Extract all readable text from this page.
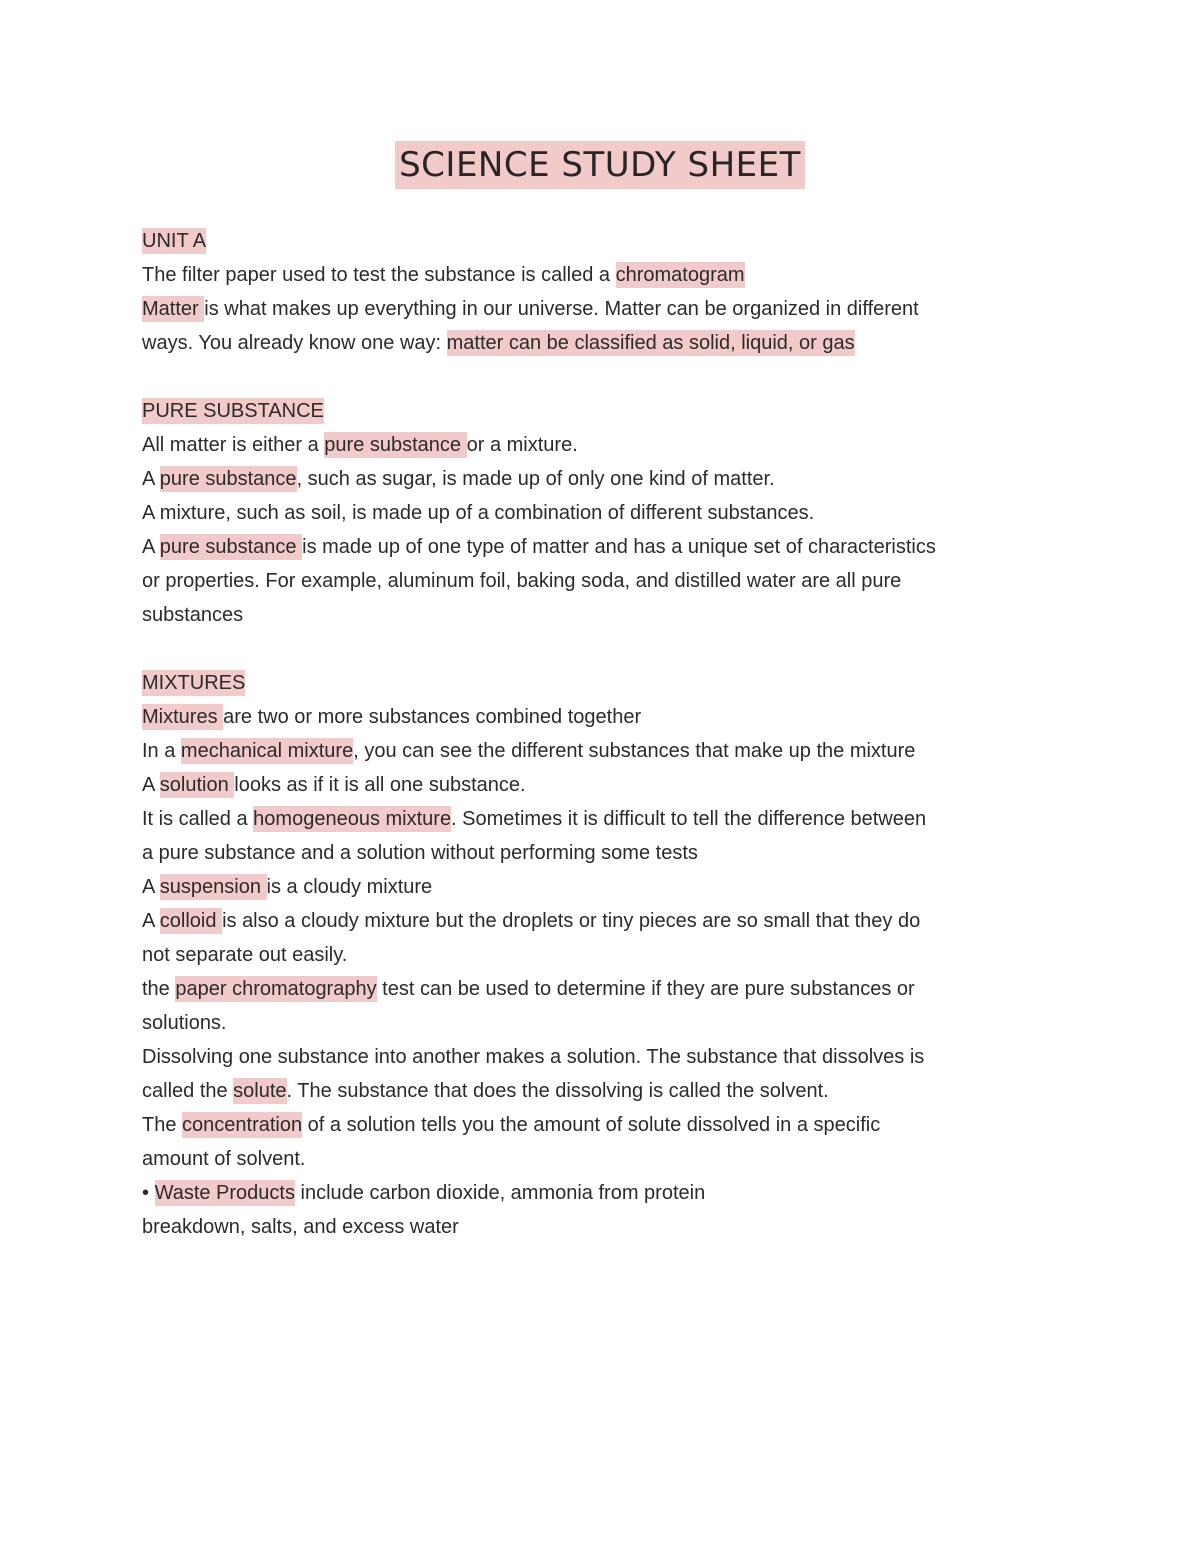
SCIENCE STUDY SHEET
UNIT A
The filter paper used to test the substance is called a chromatogram
Matter is what makes up everything in our universe. Matter can be organized in different
ways. You already know one way: matter can be classified as solid, liquid, or gas
PURE SUBSTANCE
All matter is either a pure substance or a mixture.
A pure substance, such as sugar, is made up of only one kind of matter.
A mixture, such as soil, is made up of a combination of different substances.
A pure substance is made up of one type of matter and has a unique set of characteristics
or properties. For example, aluminum foil, baking soda, and distilled water are all pure
substances
MIXTURES
Mixtures are two or more substances combined together
In a mechanical mixture, you can see the different substances that make up the mixture
A solution looks as if it is all one substance.
It is called a homogeneous mixture. Sometimes it is difficult to tell the difference between
a pure substance and a solution without performing some tests
A suspension is a cloudy mixture
A colloid is also a cloudy mixture but the droplets or tiny pieces are so small that they do
not separate out easily.
the paper chromatography test can be used to determine if they are pure substances or
solutions.
Dissolving one substance into another makes a solution. The substance that dissolves is
called the solute. The substance that does the dissolving is called the solvent.
The concentration of a solution tells you the amount of solute dissolved in a specific
amount of solvent.
• Waste Products include carbon dioxide, ammonia from protein
breakdown, salts, and excess water
